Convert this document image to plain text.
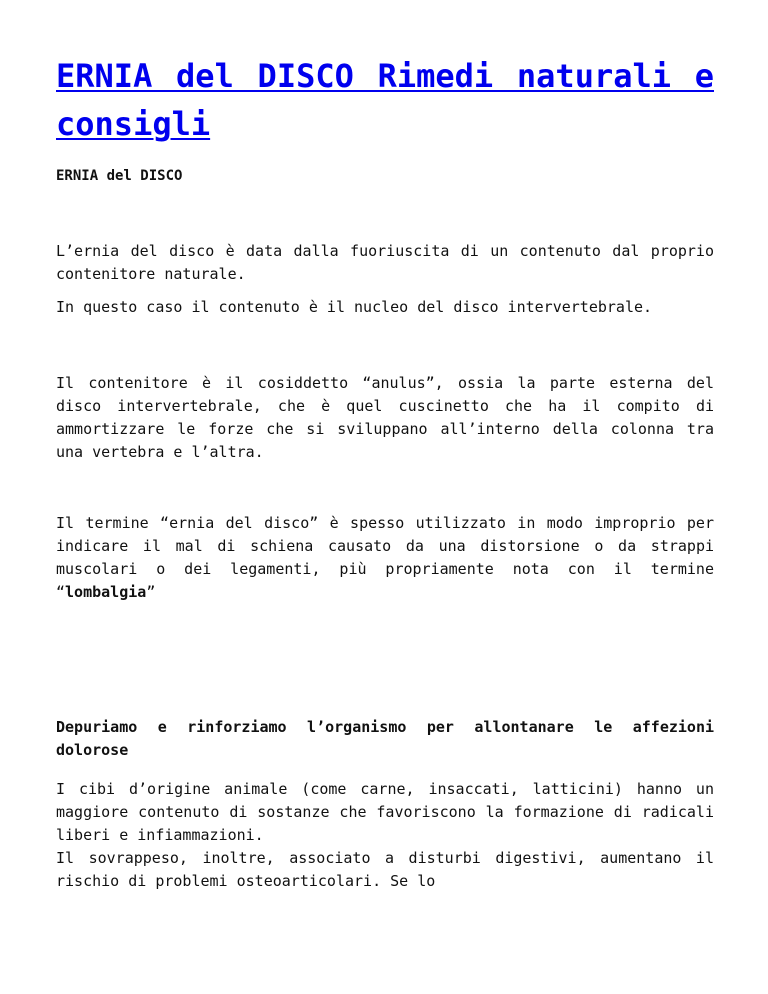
ERNIA del DISCO Rimedi naturali e consigli
ERNIA del DISCO

L’ernia del disco è data dalla fuoriuscita di un contenuto dal proprio contenitore naturale.

In questo caso il contenuto è il nucleo del disco intervertebrale.

Il contenitore è il cosiddetto “anulus”, ossia la parte esterna del disco intervertebrale, che è quel cuscinetto che ha il compito di ammortizzare le forze che si sviluppano all’interno della colonna tra una vertebra e l’altra.

Il termine “ernia del disco” è spesso utilizzato in modo improprio per indicare il mal di schiena causato da una distorsione o da strappi muscolari o dei legamenti, più propriamente nota con il termine “lombalgia”

Depuriamo e rinforziamo l’organismo per allontanare le affezioni dolorose

I cibi d’origine animale (come carne, insaccati, latticini) hanno un maggiore contenuto di sostanze che favoriscono la formazione di radicali liberi e infiammazioni.
Il sovrappeso, inoltre, associato a disturbi digestivi, aumentano il rischio di problemi osteoarticolari. Se lo
